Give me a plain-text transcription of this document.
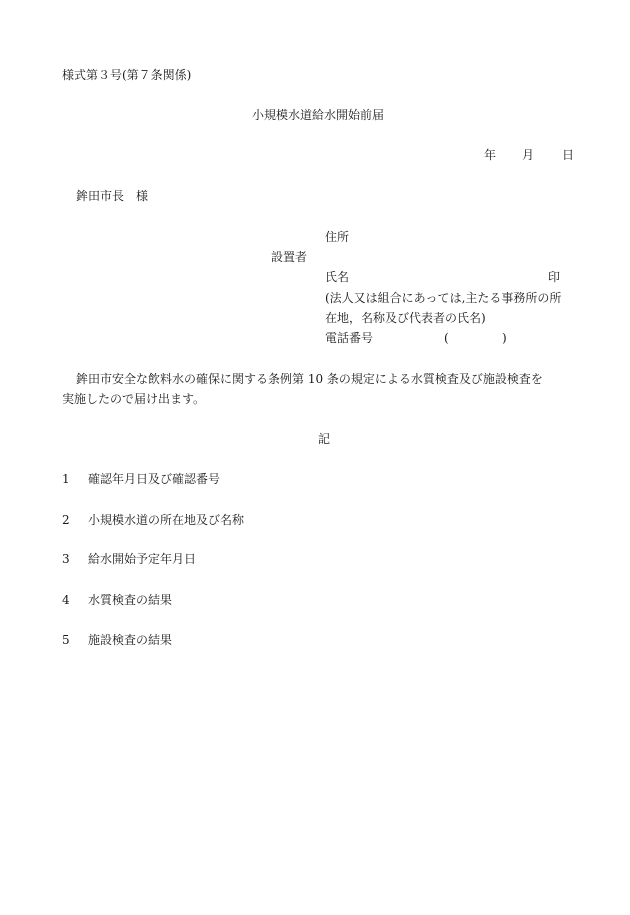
様式第３号(第７条関係)
小規模水道給水開始前届
年 月 日
鉾田市長　様
住所
設置者
氏名	印
(法人又は組合にあっては,主たる事務所の所
在地，名称及び代表者の氏名)
電話番号	(	)
鉾田市安全な飲料水の確保に関する条例第 10 条の規定による水質検査及び施設検査を
実施したので届け出ます。
記
1 確認年月日及び確認番号
2 小規模水道の所在地及び名称
3 給水開始予定年月日
4 水質検査の結果
5 施設検査の結果
